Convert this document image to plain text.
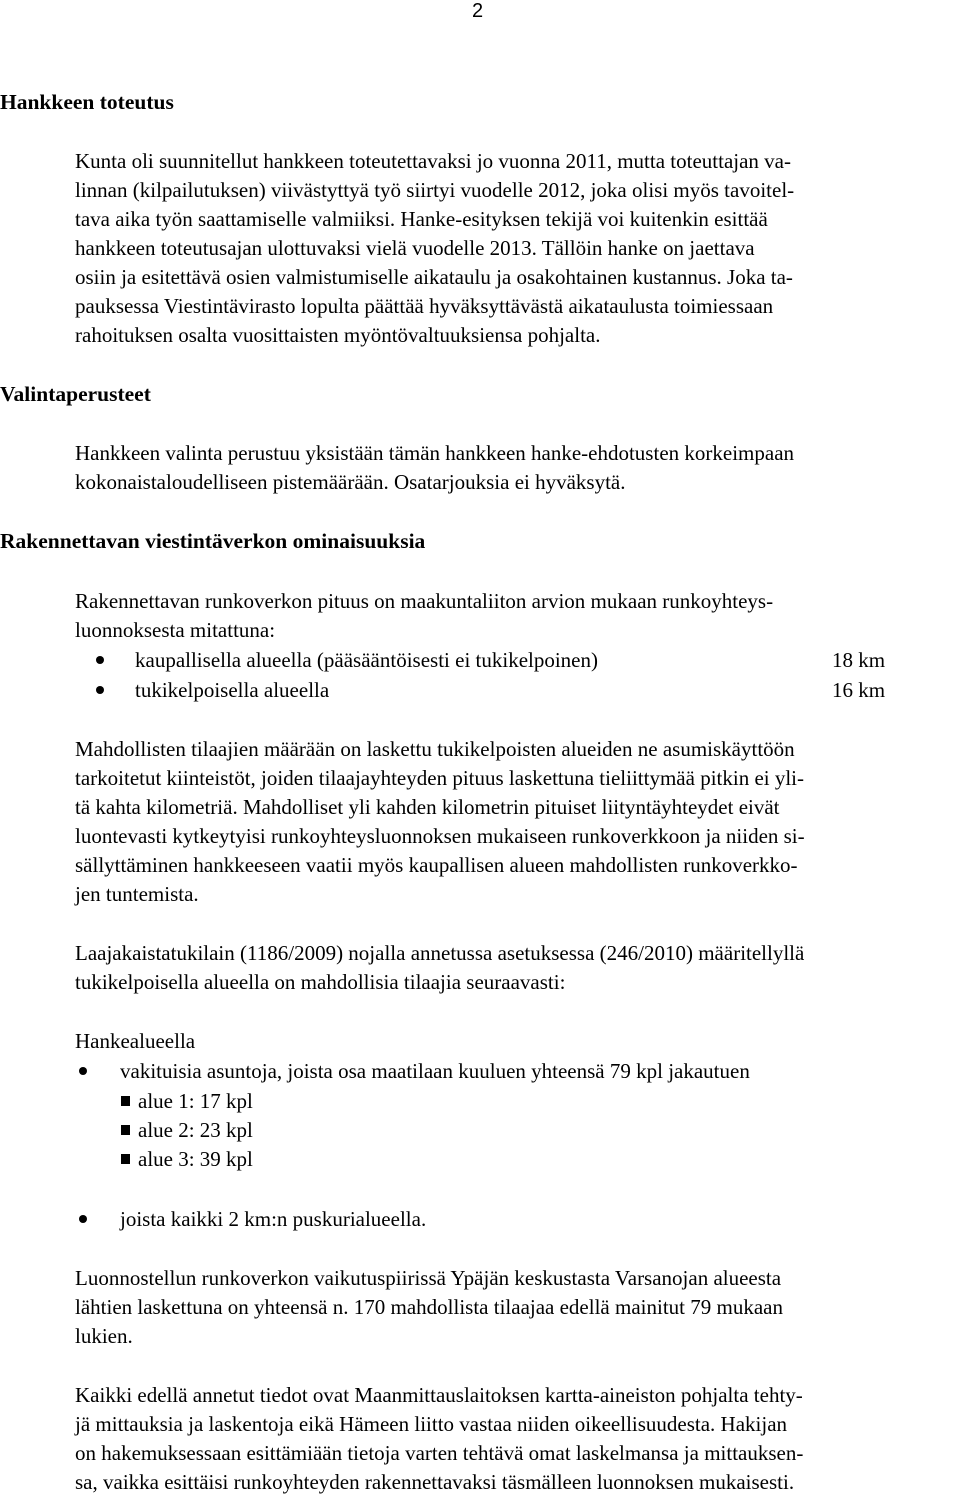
2
Hankkeen toteutus
Kunta oli suunnitellut hankkeen toteutettavaksi jo vuonna 2011, mutta toteuttajan va-
linnan (kilpailutuksen) viivästyttyä työ siirtyi vuodelle 2012, joka olisi myös tavoitel-
tava aika työn saattamiselle valmiiksi. Hanke-esityksen tekijä voi kuitenkin esittää
hankkeen toteutusajan ulottuvaksi vielä vuodelle 2013. Tällöin hanke on jaettava
osiin ja esitettävä osien valmistumiselle aikataulu ja osakohtainen kustannus. Joka ta-
pauksessa Viestintävirasto lopulta päättää hyväksyttävästä aikataulusta toimiessaan
rahoituksen osalta vuosittaisten myöntövaltuuksiensa pohjalta.
Valintaperusteet
Hankkeen valinta perustuu yksistään tämän hankkeen hanke-ehdotusten korkeimpaan
kokonaistaloudelliseen pistemäärään. Osatarjouksia ei hyväksytä.
Rakennettavan viestintäverkon ominaisuuksia
Rakennettavan runkoverkon pituus on maakuntaliiton arvion mukaan runkoyhteys-
luonnoksesta mitattuna:
kaupallisella alueella (pääsääntöisesti ei tukikelpoinen)	18 km
tukikelpoisella alueella	16 km
Mahdollisten tilaajien määrään on laskettu tukikelpoisten alueiden ne asumiskäyttöön
tarkoitetut kiinteistöt, joiden tilaajayhteyden pituus laskettuna tieliittymää pitkin ei yli-
tä kahta kilometriä. Mahdolliset yli kahden kilometrin pituiset liityntäyhteydet eivät
luontevasti kytkeytyisi runkoyhteysluonnoksen mukaiseen runkoverkkoon ja niiden si-
sällyttäminen hankkeeseen vaatii myös kaupallisen alueen mahdollisten runkoverkko-
jen tuntemista.
Laajakaistatukilain (1186/2009) nojalla annetussa asetuksessa (246/2010) määritellyllä
tukikelpoisella alueella on mahdollisia tilaajia seuraavasti:
Hankealueella
vakituisia asuntoja, joista osa maatilaan kuuluen yhteensä 79 kpl jakautuen
alue 1: 17 kpl
alue 2: 23 kpl
alue 3: 39 kpl
joista kaikki 2 km:n puskurialueella.
Luonnostellun runkoverkon vaikutuspiirissä Ypäjän keskustasta Varsanojan alueesta
lähtien laskettuna on yhteensä n. 170 mahdollista tilaajaa edellä mainitut 79 mukaan
lukien.
Kaikki edellä annetut tiedot ovat Maanmittauslaitoksen kartta-aineiston pohjalta tehty-
jä mittauksia ja laskentoja eikä Hämeen liitto vastaa niiden oikeellisuudesta. Hakijan
on hakemuksessaan esittämiään tietoja varten tehtävä omat laskelmansa ja mittauksen-
sa, vaikka esittäisi runkoyhteyden rakennettavaksi täsmälleen luonnoksen mukaisesti.
